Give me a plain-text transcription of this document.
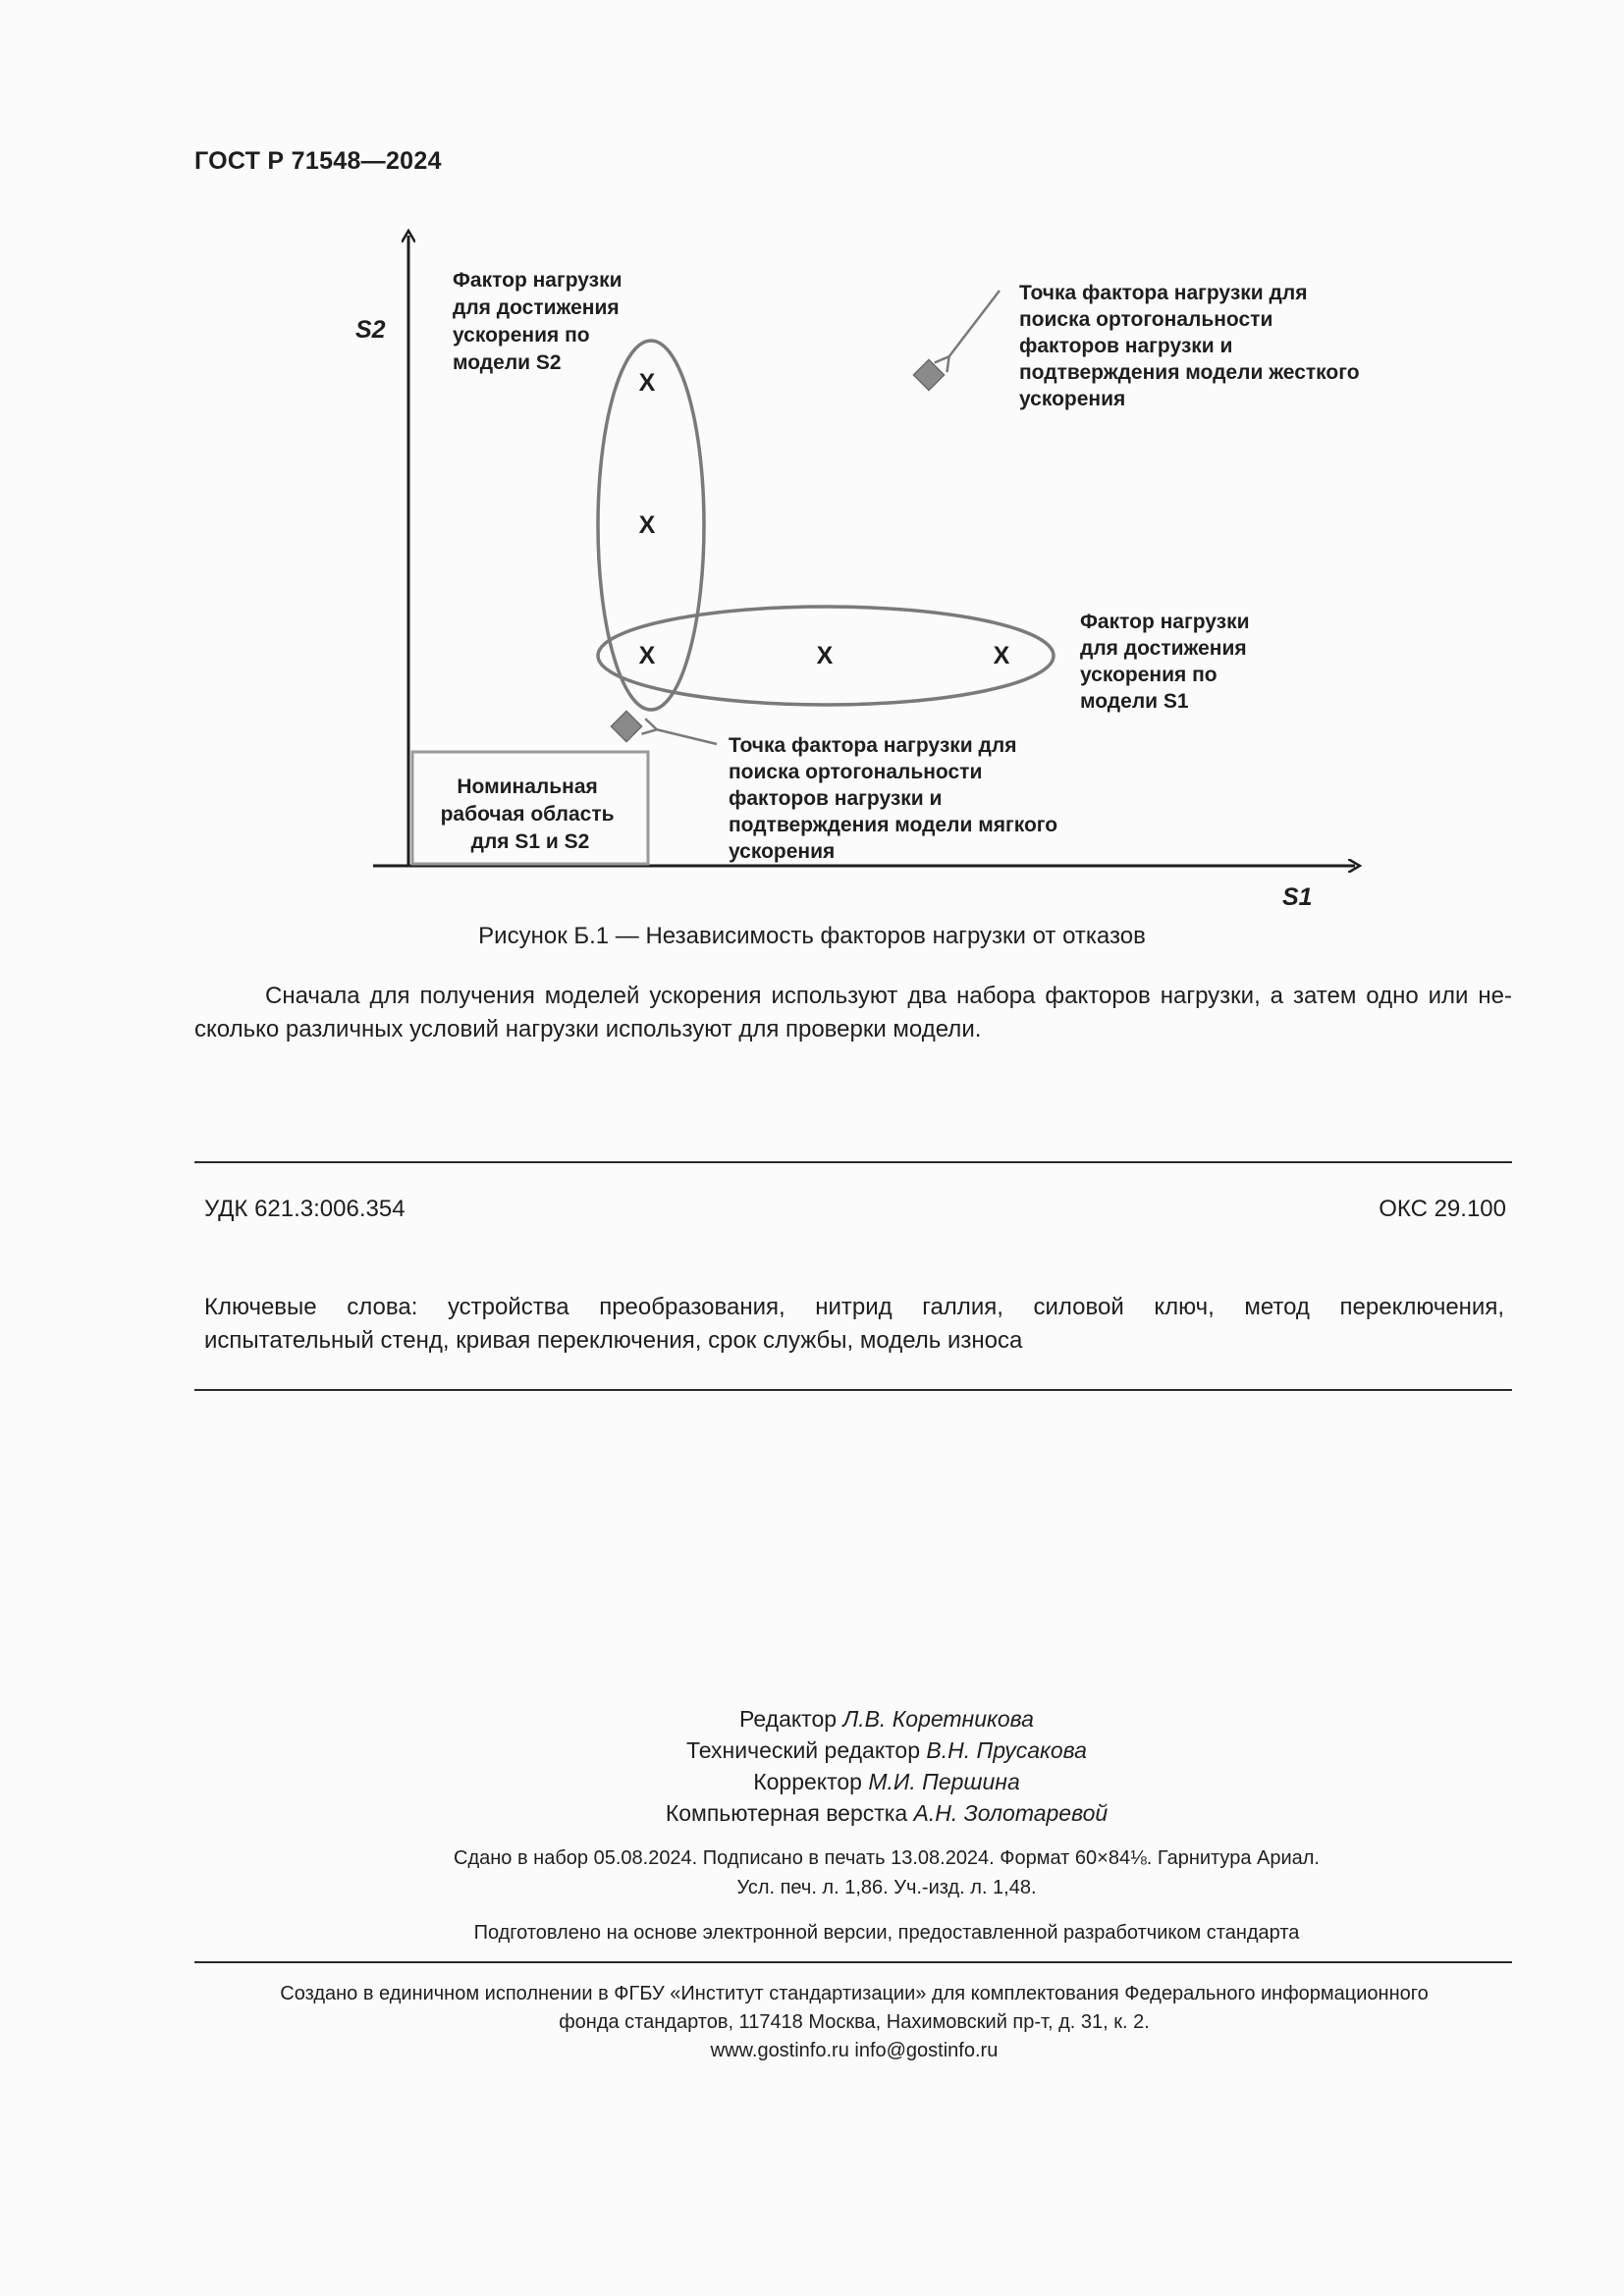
ГОСТ Р 71548—2024
S2
S1
Номинальная рабочая область для S1 и S2
X
X
X	X	X
Фактор нагрузки для достижения ускорения по модели S2
Точка фактора нагрузки для поиска ортогональности факторов нагрузки и подтверждения модели жесткого ускорения
Фактор нагрузки для достижения ускорения по модели S1
Точка фактора нагрузки для поиска ортогональности факторов нагрузки и подтверждения модели мягкого ускорения
Рисунок Б.1 — Независимость факторов нагрузки от отказов
Сначала для получения моделей ускорения используют два набора факторов нагрузки, а затем одно или не-
сколько различных условий нагрузки используют для проверки модели.
УДК 621.3:006.354	ОКС 29.100
Ключевые слова: устройства преобразования, нитрид галлия, силовой ключ, метод переключения,
испытательный стенд, кривая переключения, срок службы, модель износа
Редактор Л.В. Коретникова
Технический редактор В.Н. Прусакова
Корректор М.И. Першина
Компьютерная верстка А.Н. Золотаревой
Сдано в набор 05.08.2024. Подписано в печать 13.08.2024. Формат 60×84⅛. Гарнитура Ариал.
Усл. печ. л. 1,86. Уч.-изд. л. 1,48.
Подготовлено на основе электронной версии, предоставленной разработчиком стандарта
Создано в единичном исполнении в ФГБУ «Институт стандартизации» для комплектования Федерального информационного
фонда стандартов, 117418 Москва, Нахимовский пр-т, д. 31, к. 2.
www.gostinfo.ru info@gostinfo.ru
